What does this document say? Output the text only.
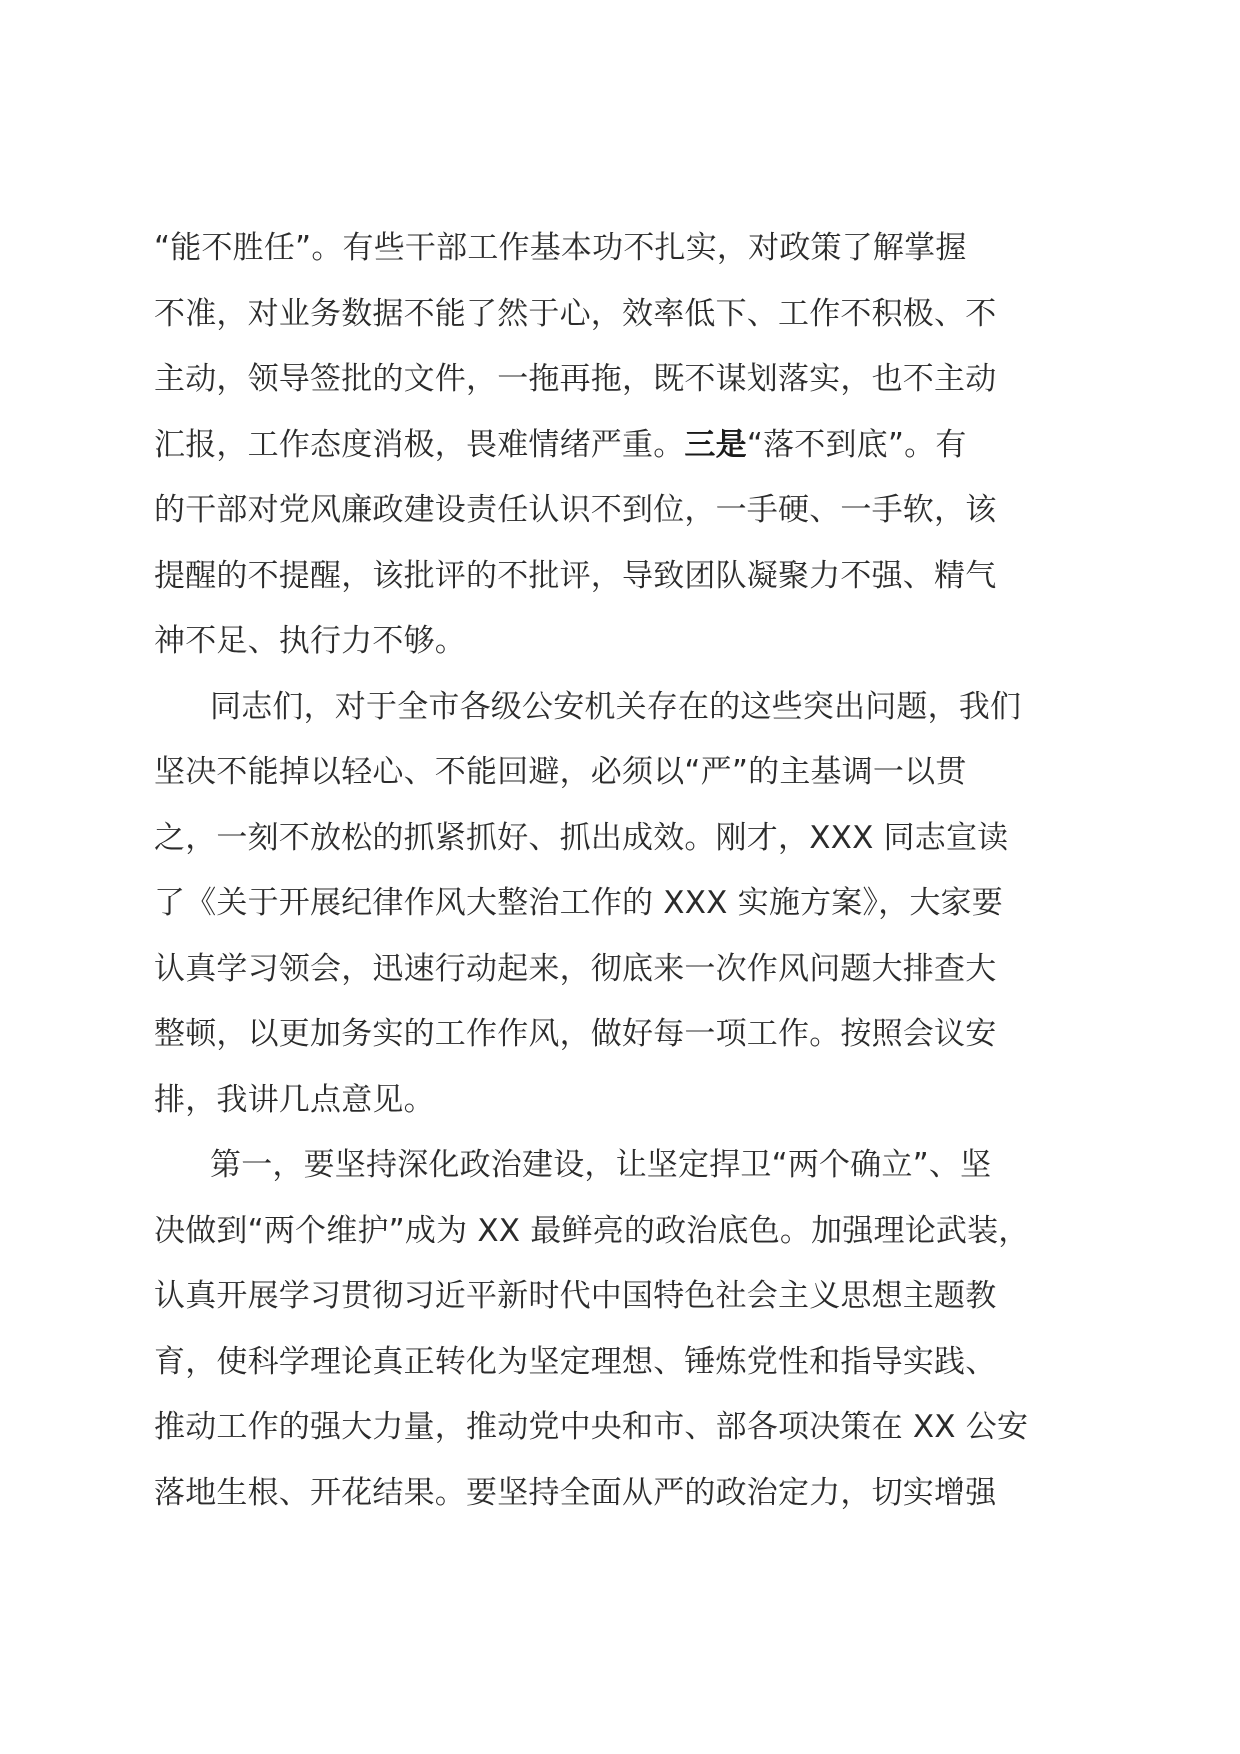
“能不胜任”。有些干部工作基本功不扎实，对政策了解掌握
不准，对业务数据不能了然于心，效率低下、工作不积极、不
主动，领导签批的文件，一拖再拖，既不谋划落实，也不主动
汇报，工作态度消极，畏难情绪严重。三是“落不到底”。有
的干部对党风廉政建设责任认识不到位，一手硬、一手软，该
提醒的不提醒，该批评的不批评，导致团队凝聚力不强、精气
神不足、执行力不够。
同志们，对于全市各级公安机关存在的这些突出问题，我们
坚决不能掉以轻心、不能回避，必须以“严”的主基调一以贯
之，一刻不放松的抓紧抓好、抓出成效。刚才，XXX 同志宣读
了《关于开展纪律作风大整治工作的 XXX 实施方案》，大家要
认真学习领会，迅速行动起来，彻底来一次作风问题大排查大
整顿，以更加务实的工作作风，做好每一项工作。按照会议安
排，我讲几点意见。
第一，要坚持深化政治建设，让坚定捍卫“两个确立”、坚
决做到“两个维护”成为 XX 最鲜亮的政治底色。加强理论武装，
认真开展学习贯彻习近平新时代中国特色社会主义思想主题教
育，使科学理论真正转化为坚定理想、锤炼党性和指导实践、
推动工作的强大力量，推动党中央和市、部各项决策在 XX 公安
落地生根、开花结果。要坚持全面从严的政治定力，切实增强
